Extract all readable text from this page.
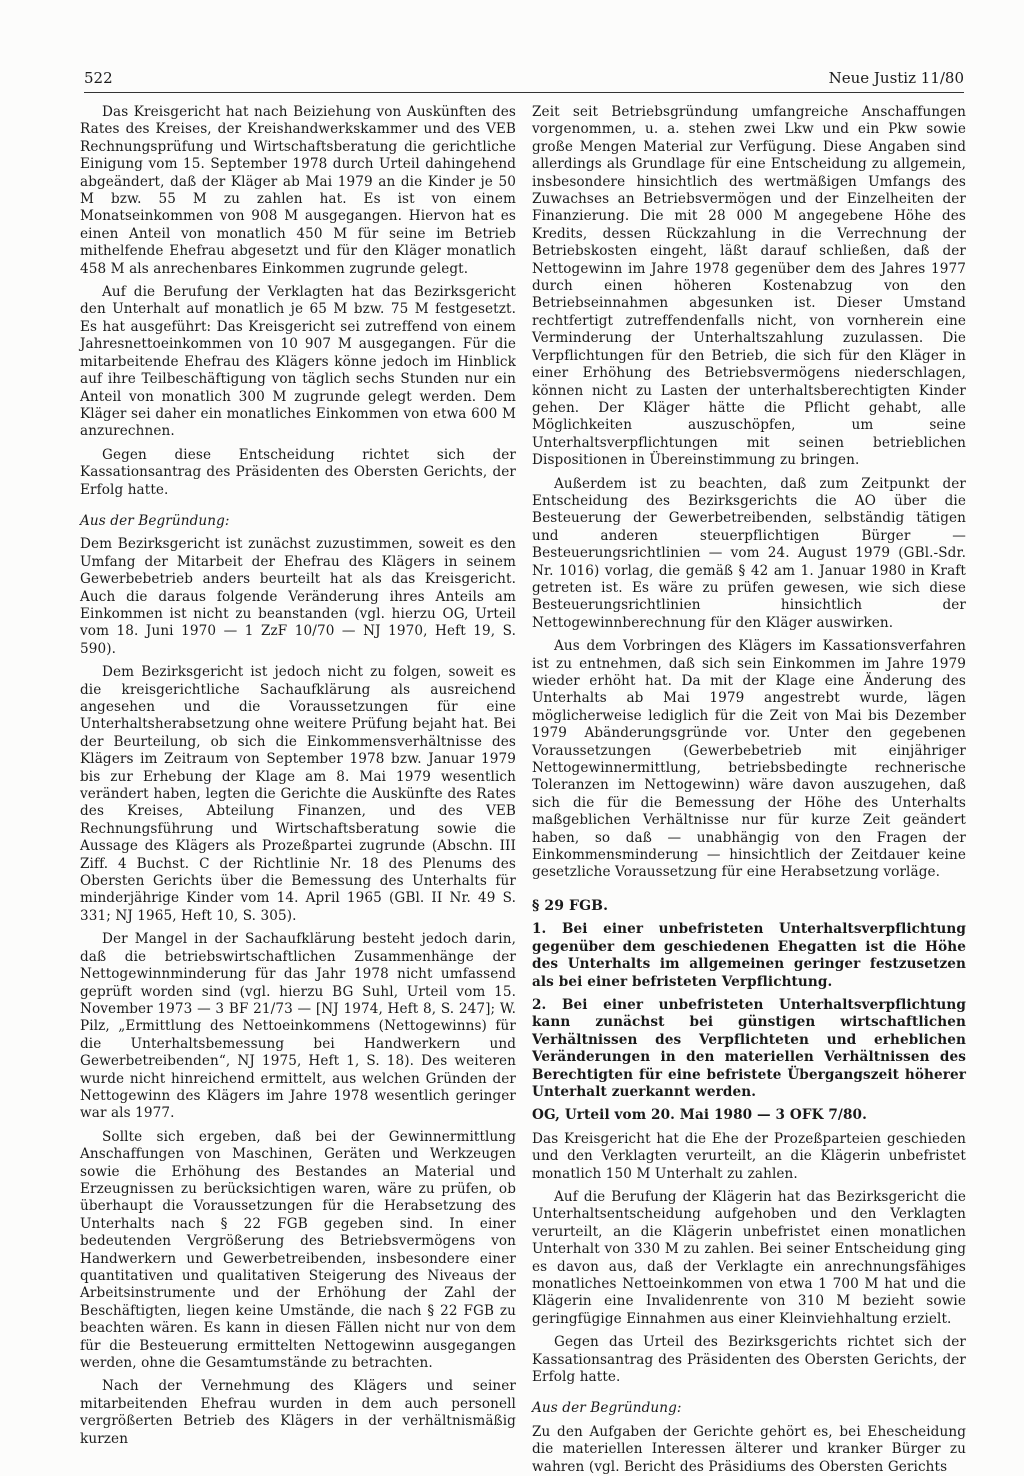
522	Neue Justiz 11/80

Das Kreisgericht hat nach Beiziehung von Auskünften des Rates des Kreises, der Kreishandwerkskammer und des VEB Rechnungsprüfung und Wirtschaftsberatung die gerichtliche Einigung vom 15. September 1978 durch Urteil dahingehend abgeändert, daß der Kläger ab Mai 1979 an die Kinder je 50 M bzw. 55 M zu zahlen hat. Es ist von einem Monatseinkommen von 908 M ausgegangen. Hiervon hat es einen Anteil von monatlich 450 M für seine im Betrieb mithelfende Ehefrau abgesetzt und für den Kläger monatlich 458 M als anrechenbares Einkommen zugrunde gelegt.

Auf die Berufung der Verklagten hat das Bezirksgericht den Unterhalt auf monatlich je 65 M bzw. 75 M festgesetzt. Es hat ausgeführt: Das Kreisgericht sei zutreffend von einem Jahresnettoeinkommen von 10 907 M ausgegangen. Für die mitarbeitende Ehefrau des Klägers könne jedoch im Hinblick auf ihre Teilbeschäftigung von täglich sechs Stunden nur ein Anteil von monatlich 300 M zugrunde gelegt werden. Dem Kläger sei daher ein monatliches Einkommen von etwa 600 M anzurechnen.

Gegen diese Entscheidung richtet sich der Kassationsantrag des Präsidenten des Obersten Gerichts, der Erfolg hatte.

Aus der Begründung:

Dem Bezirksgericht ist zunächst zuzustimmen, soweit es den Umfang der Mitarbeit der Ehefrau des Klägers in seinem Gewerbebetrieb anders beurteilt hat als das Kreisgericht. Auch die daraus folgende Veränderung ihres Anteils am Einkommen ist nicht zu beanstanden (vgl. hierzu OG, Urteil vom 18. Juni 1970 — 1 ZzF 10/70 — NJ 1970, Heft 19, S. 590).

Dem Bezirksgericht ist jedoch nicht zu folgen, soweit es die kreisgerichtliche Sachaufklärung als ausreichend angesehen und die Voraussetzungen für eine Unterhaltsherabsetzung ohne weitere Prüfung bejaht hat. Bei der Beurteilung, ob sich die Einkommensverhältnisse des Klägers im Zeitraum von September 1978 bzw. Januar 1979 bis zur Erhebung der Klage am 8. Mai 1979 wesentlich verändert haben, legten die Gerichte die Auskünfte des Rates des Kreises, Abteilung Finanzen, und des VEB Rechnungsführung und Wirtschaftsberatung sowie die Aussage des Klägers als Prozeßpartei zugrunde (Abschn. III Ziff. 4 Buchst. C der Richtlinie Nr. 18 des Plenums des Obersten Gerichts über die Bemessung des Unterhalts für minderjährige Kinder vom 14. April 1965 (GBl. II Nr. 49 S. 331; NJ 1965, Heft 10, S. 305).

Der Mangel in der Sachaufklärung besteht jedoch darin, daß die betriebswirtschaftlichen Zusammenhänge der Nettogewinnminderung für das Jahr 1978 nicht umfassend geprüft worden sind (vgl. hierzu BG Suhl, Urteil vom 15. November 1973 — 3 BF 21/73 — [NJ 1974, Heft 8, S. 247]; W. Pilz, „Ermittlung des Nettoeinkommens (Nettogewinns) für die Unterhaltsbemessung bei Handwerkern und Gewerbetreibenden“, NJ 1975, Heft 1, S. 18). Des weiteren wurde nicht hinreichend ermittelt, aus welchen Gründen der Nettogewinn des Klägers im Jahre 1978 wesentlich geringer war als 1977.

Sollte sich ergeben, daß bei der Gewinnermittlung Anschaffungen von Maschinen, Geräten und Werkzeugen sowie die Erhöhung des Bestandes an Material und Erzeugnissen zu berücksichtigen waren, wäre zu prüfen, ob überhaupt die Voraussetzungen für die Herabsetzung des Unterhalts nach § 22 FGB gegeben sind. In einer bedeutenden Vergrößerung des Betriebsvermögens von Handwerkern und Gewerbetreibenden, insbesondere einer quantitativen und qualitativen Steigerung des Niveaus der Arbeitsinstrumente und der Erhöhung der Zahl der Beschäftigten, liegen keine Umstände, die nach § 22 FGB zu beachten wären. Es kann in diesen Fällen nicht nur von dem für die Besteuerung ermittelten Nettogewinn ausgegangen werden, ohne die Gesamtumstände zu betrachten.

Nach der Vernehmung des Klägers und seiner mitarbeitenden Ehefrau wurden in dem auch personell vergrößerten Betrieb des Klägers in der verhältnismäßig kurzen

Zeit seit Betriebsgründung umfangreiche Anschaffungen vorgenommen, u. a. stehen zwei Lkw und ein Pkw sowie große Mengen Material zur Verfügung. Diese Angaben sind allerdings als Grundlage für eine Entscheidung zu allgemein, insbesondere hinsichtlich des wertmäßigen Umfangs des Zuwachses an Betriebsvermögen und der Einzelheiten der Finanzierung. Die mit 28 000 M angegebene Höhe des Kredits, dessen Rückzahlung in die Verrechnung der Betriebskosten eingeht, läßt darauf schließen, daß der Nettogewinn im Jahre 1978 gegenüber dem des Jahres 1977 durch einen höheren Kostenabzug von den Betriebseinnahmen abgesunken ist. Dieser Umstand rechtfertigt zutreffendenfalls nicht, von vornherein eine Verminderung der Unterhaltszahlung zuzulassen. Die Verpflichtungen für den Betrieb, die sich für den Kläger in einer Erhöhung des Betriebsvermögens niederschlagen, können nicht zu Lasten der unterhaltsberechtigten Kinder gehen. Der Kläger hätte die Pflicht gehabt, alle Möglichkeiten auszuschöpfen, um seine Unterhaltsverpflichtungen mit seinen betrieblichen Dispositionen in Übereinstimmung zu bringen.

Außerdem ist zu beachten, daß zum Zeitpunkt der Entscheidung des Bezirksgerichts die AO über die Besteuerung der Gewerbetreibenden, selbständig tätigen und anderen steuerpflichtigen Bürger — Besteuerungsrichtlinien — vom 24. August 1979 (GBl.-Sdr. Nr. 1016) vorlag, die gemäß § 42 am 1. Januar 1980 in Kraft getreten ist. Es wäre zu prüfen gewesen, wie sich diese Besteuerungsrichtlinien hinsichtlich der Nettogewinnberechnung für den Kläger auswirken.

Aus dem Vorbringen des Klägers im Kassationsverfahren ist zu entnehmen, daß sich sein Einkommen im Jahre 1979 wieder erhöht hat. Da mit der Klage eine Änderung des Unterhalts ab Mai 1979 angestrebt wurde, lägen möglicherweise lediglich für die Zeit von Mai bis Dezember 1979 Abänderungsgründe vor. Unter den gegebenen Voraussetzungen (Gewerbebetrieb mit einjähriger Nettogewinnermittlung, betriebsbedingte rechnerische Toleranzen im Nettogewinn) wäre davon auszugehen, daß sich die für die Bemessung der Höhe des Unterhalts maßgeblichen Verhältnisse nur für kurze Zeit geändert haben, so daß — unabhängig von den Fragen der Einkommensminderung — hinsichtlich der Zeitdauer keine gesetzliche Voraussetzung für eine Herabsetzung vorläge.

§ 29 FGB.

1. Bei einer unbefristeten Unterhaltsverpflichtung gegenüber dem geschiedenen Ehegatten ist die Höhe des Unterhalts im allgemeinen geringer festzusetzen als bei einer befristeten Verpflichtung.

2. Bei einer unbefristeten Unterhaltsverpflichtung kann zunächst bei günstigen wirtschaftlichen Verhältnissen des Verpflichteten und erheblichen Veränderungen in den materiellen Verhältnissen des Berechtigten für eine befristete Übergangszeit höherer Unterhalt zuerkannt werden.

OG, Urteil vom 20. Mai 1980 — 3 OFK 7/80.

Das Kreisgericht hat die Ehe der Prozeßparteien geschieden und den Verklagten verurteilt, an die Klägerin unbefristet monatlich 150 M Unterhalt zu zahlen.

Auf die Berufung der Klägerin hat das Bezirksgericht die Unterhaltsentscheidung aufgehoben und den Verklagten verurteilt, an die Klägerin unbefristet einen monatlichen Unterhalt von 330 M zu zahlen. Bei seiner Entscheidung ging es davon aus, daß der Verklagte ein anrechnungsfähiges monatliches Nettoeinkommen von etwa 1 700 M hat und die Klägerin eine Invalidenrente von 310 M bezieht sowie geringfügige Einnahmen aus einer Kleinviehhaltung erzielt.

Gegen das Urteil des Bezirksgerichts richtet sich der Kassationsantrag des Präsidenten des Obersten Gerichts, der Erfolg hatte.

Aus der Begründung:

Zu den Aufgaben der Gerichte gehört es, bei Ehescheidung die materiellen Interessen älterer und kranker Bürger zu wahren (vgl. Bericht des Präsidiums des Obersten Gerichts
